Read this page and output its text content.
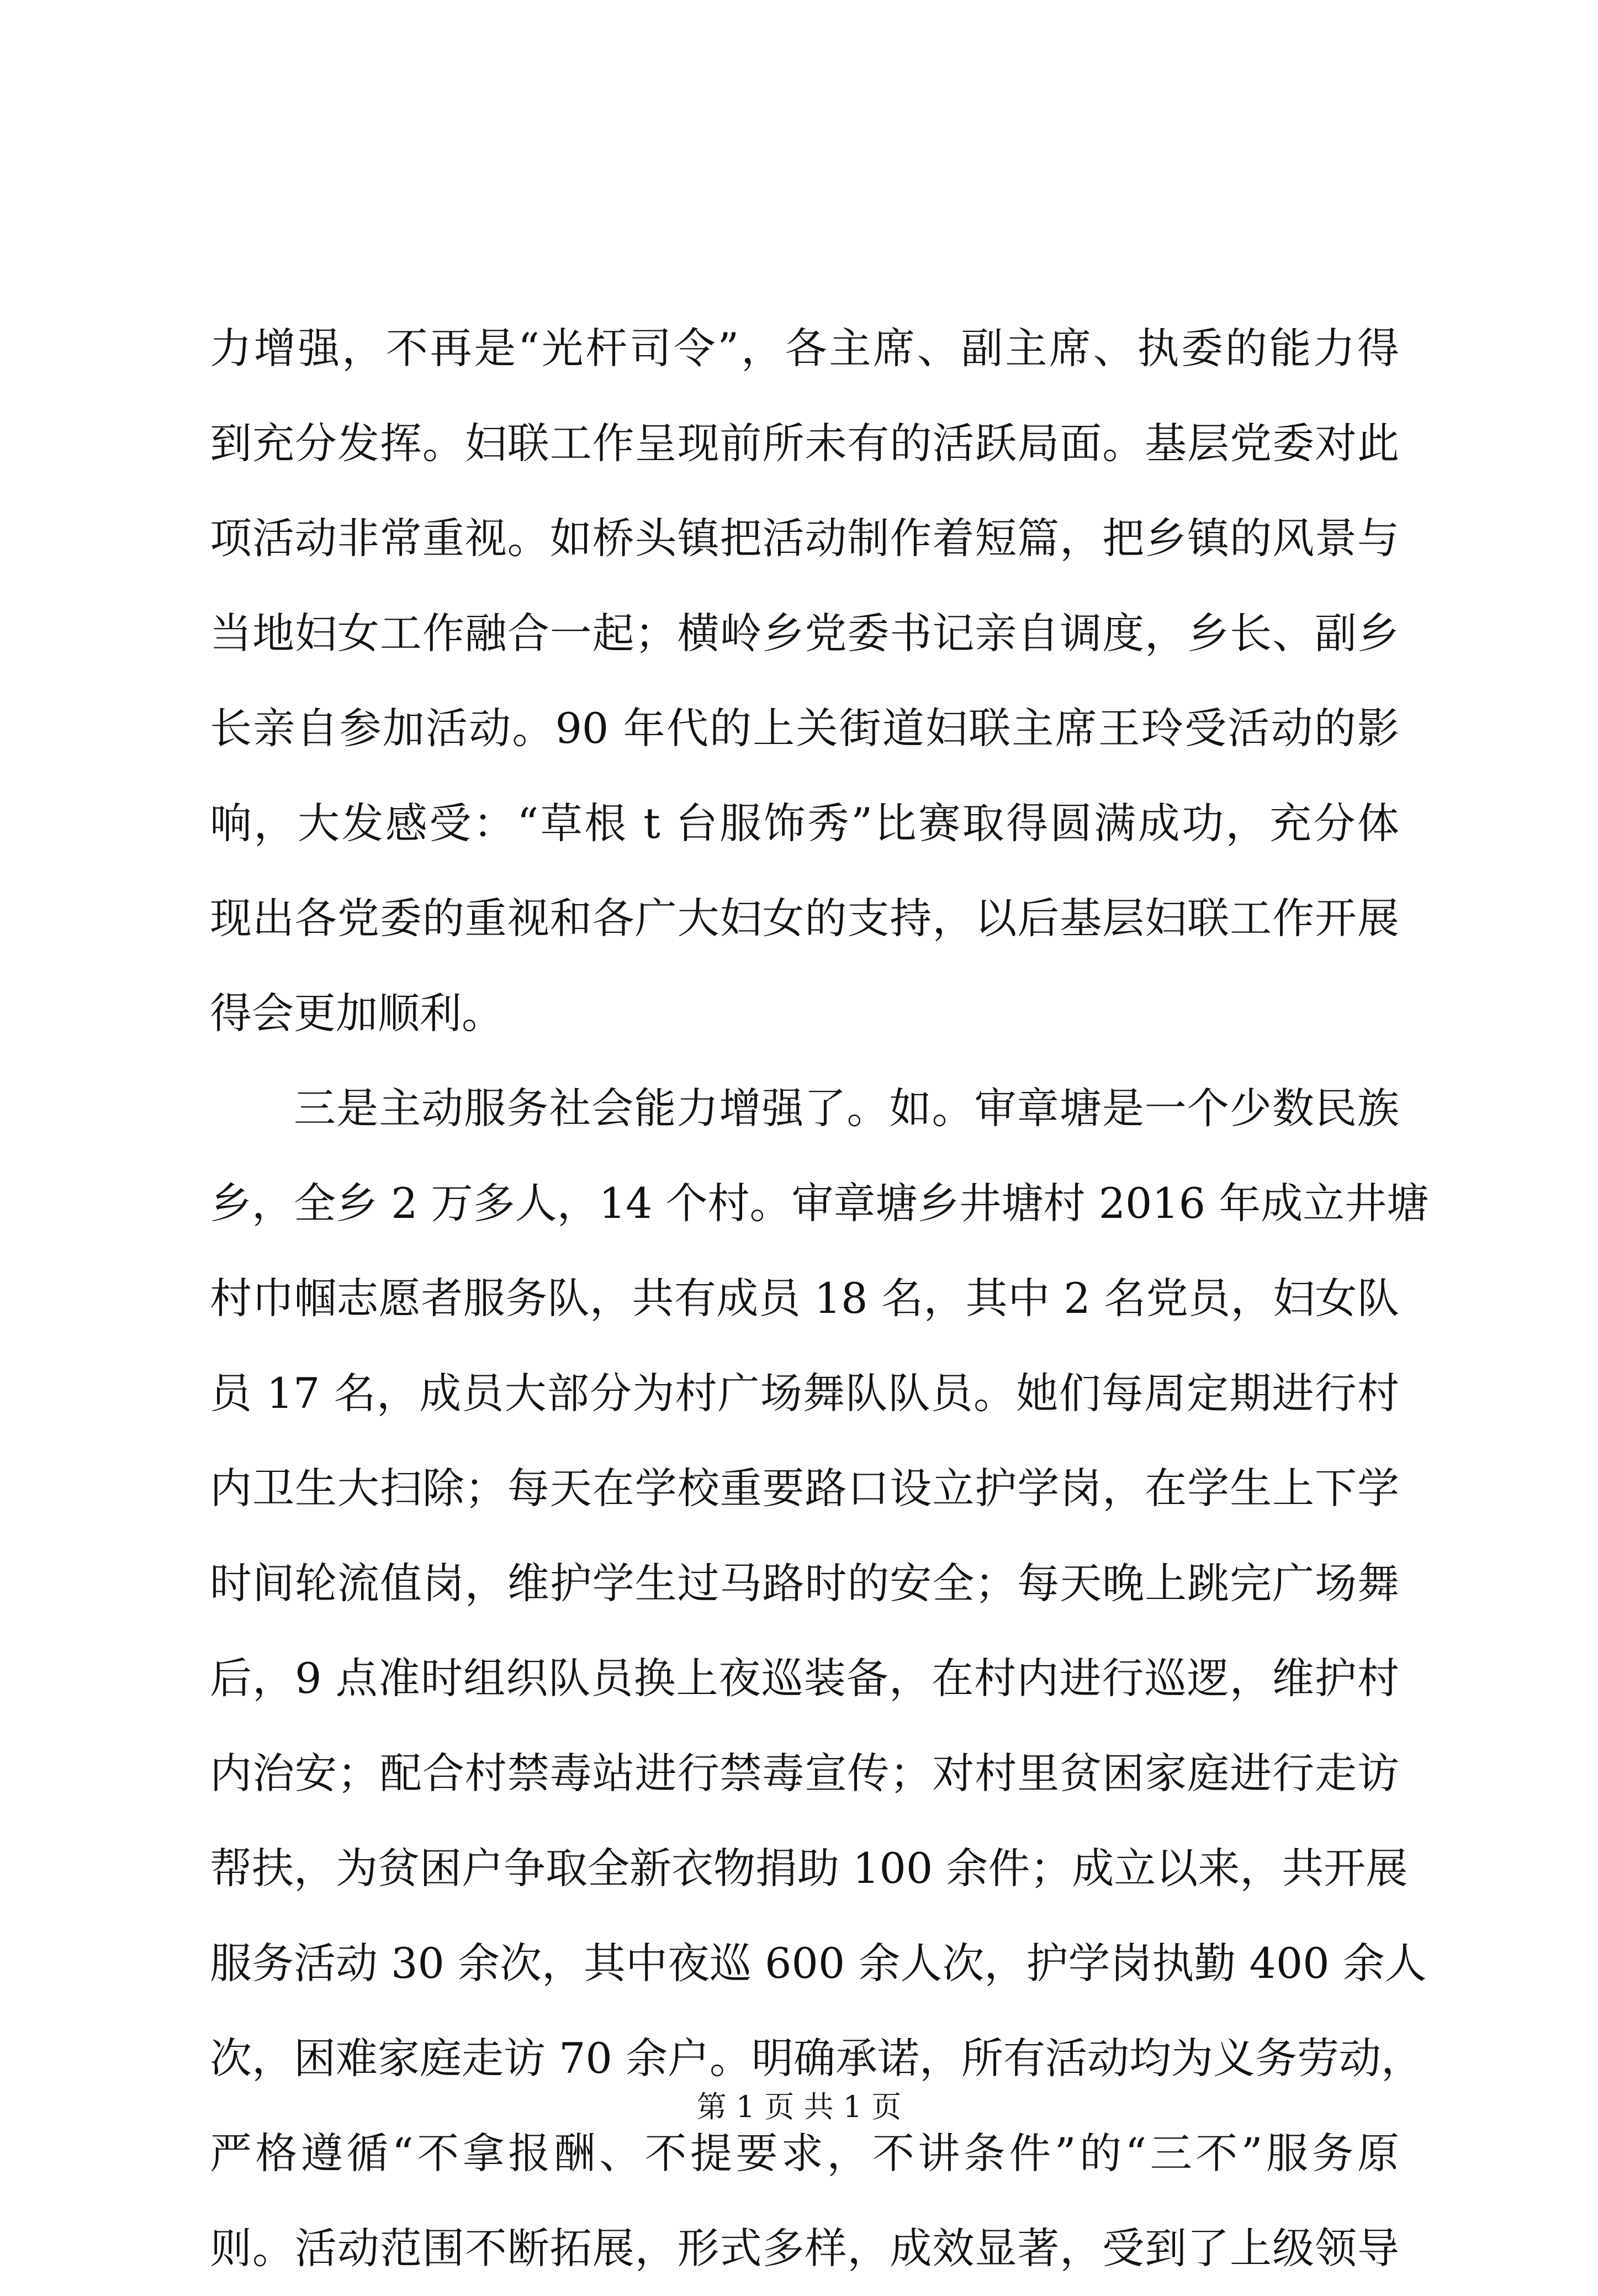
力增强，不再是“光杆司令”，各主席、副主席、执委的能力得
到充分发挥。妇联工作呈现前所未有的活跃局面。基层党委对此
项活动非常重视。如桥头镇把活动制作着短篇，把乡镇的风景与
当地妇女工作融合一起；横岭乡党委书记亲自调度，乡长、副乡
长亲自参加活动。90 年代的上关街道妇联主席王玲受活动的影
响，大发感受：“草根 t 台服饰秀”比赛取得圆满成功，充分体
现出各党委的重视和各广大妇女的支持，以后基层妇联工作开展
得会更加顺利。
三是主动服务社会能力增强了。如。审章塘是一个少数民族
乡，全乡 2 万多人，14 个村。审章塘乡井塘村 2016 年成立井塘
村巾帼志愿者服务队，共有成员 18 名，其中 2 名党员，妇女队
员 17 名，成员大部分为村广场舞队队员。她们每周定期进行村
内卫生大扫除；每天在学校重要路口设立护学岗，在学生上下学
时间轮流值岗，维护学生过马路时的安全；每天晚上跳完广场舞
后，9 点准时组织队员换上夜巡装备，在村内进行巡逻，维护村
内治安；配合村禁毒站进行禁毒宣传；对村里贫困家庭进行走访
帮扶，为贫困户争取全新衣物捐助 100 余件；成立以来，共开展
服务活动 30 余次，其中夜巡 600 余人次，护学岗执勤 400 余人
次，困难家庭走访 70 余户。明确承诺，所有活动均为义务劳动，
严格遵循“不拿报酬、不提要求，不讲条件”的“三不”服务原
则。活动范围不断拓展，形式多样，成效显著，受到了上级领导
第 1 页 共 1 页
